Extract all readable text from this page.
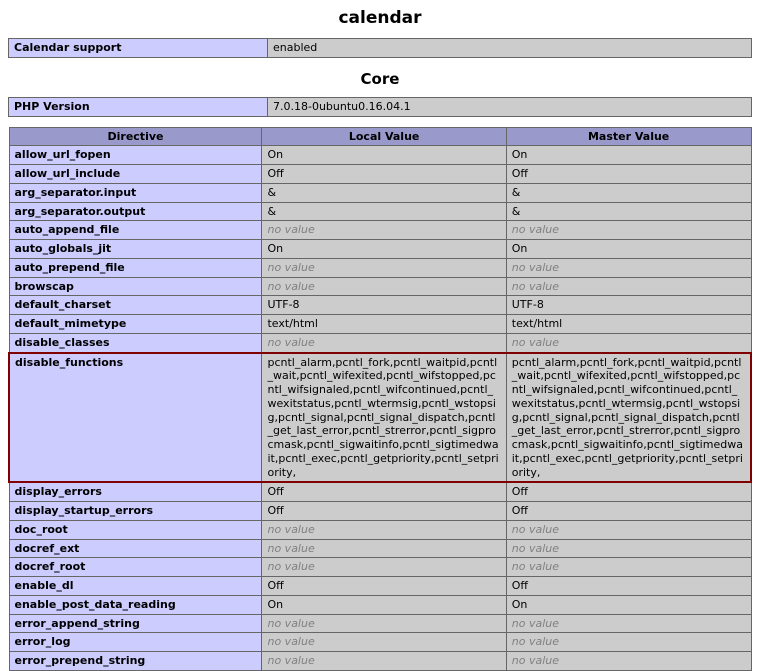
calendar
Calendar support	enabled
Core
PHP Version	7.0.18-0ubuntu0.16.04.1
Directive	Local Value	Master Value
allow_url_fopen	On	On
allow_url_include	Off	Off
arg_separator.input	&	&
arg_separator.output	&	&
auto_append_file	no value	no value
auto_globals_jit	On	On
auto_prepend_file	no value	no value
browscap	no value	no value
default_charset	UTF-8	UTF-8
default_mimetype	text/html	text/html
disable_classes	no value	no value
disable_functions	pcntl_alarm,pcntl_fork,pcntl_waitpid,pcntl_wait,pcntl_wifexited,pcntl_wifstopped,pcntl_wifsignaled,pcntl_wifcontinued,pcntl_wexitstatus,pcntl_wtermsig,pcntl_wstopsig,pcntl_signal,pcntl_signal_dispatch,pcntl_get_last_error,pcntl_strerror,pcntl_sigprocmask,pcntl_sigwaitinfo,pcntl_sigtimedwait,pcntl_exec,pcntl_getpriority,pcntl_setpriority,	pcntl_alarm,pcntl_fork,pcntl_waitpid,pcntl_wait,pcntl_wifexited,pcntl_wifstopped,pcntl_wifsignaled,pcntl_wifcontinued,pcntl_wexitstatus,pcntl_wtermsig,pcntl_wstopsig,pcntl_signal,pcntl_signal_dispatch,pcntl_get_last_error,pcntl_strerror,pcntl_sigprocmask,pcntl_sigwaitinfo,pcntl_sigtimedwait,pcntl_exec,pcntl_getpriority,pcntl_setpriority,
display_errors	Off	Off
display_startup_errors	Off	Off
doc_root	no value	no value
docref_ext	no value	no value
docref_root	no value	no value
enable_dl	Off	Off
enable_post_data_reading	On	On
error_append_string	no value	no value
error_log	no value	no value
error_prepend_string	no value	no value
